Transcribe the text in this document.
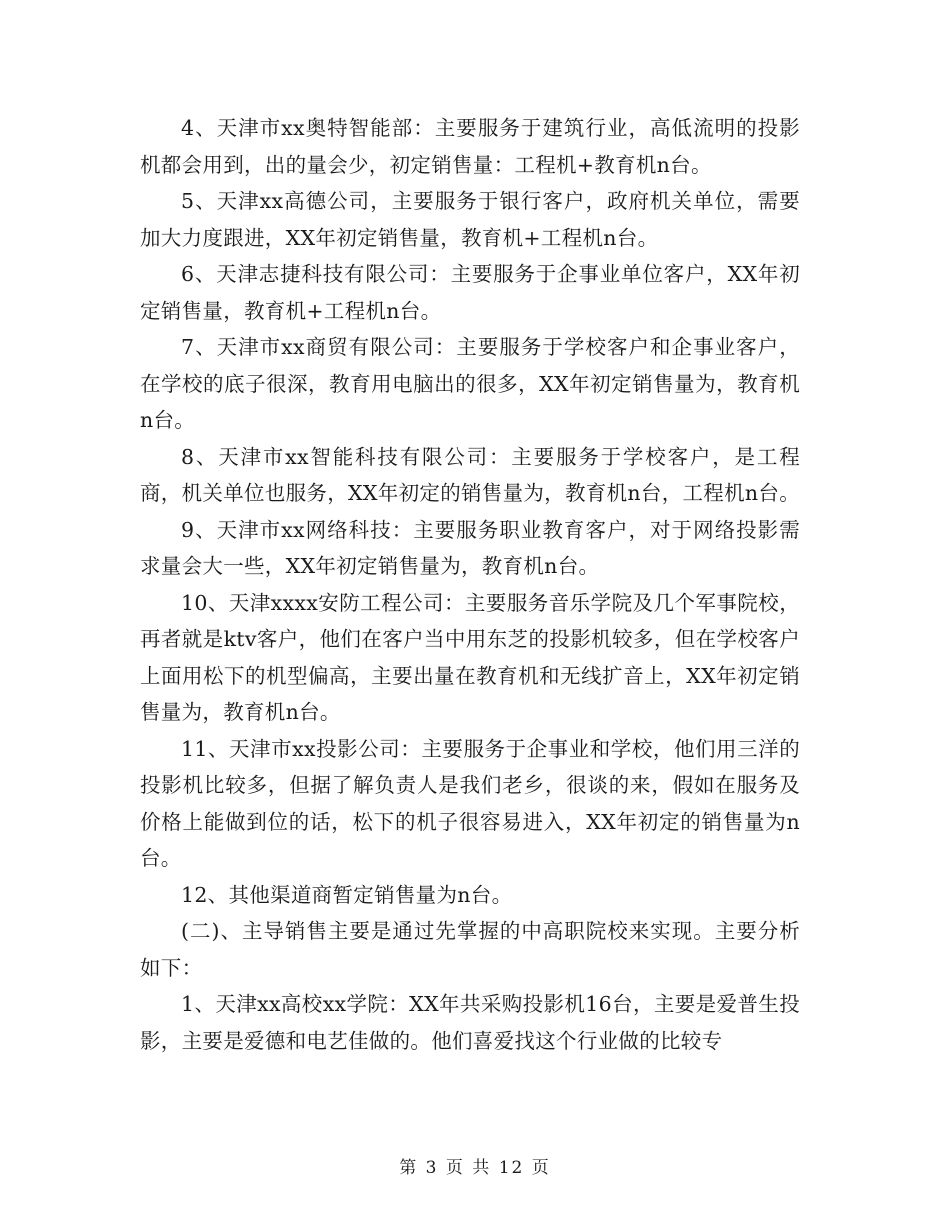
4、天津市xx奥特智能部：主要服务于建筑行业，高低流明的投影机都会用到，出的量会少，初定销售量：工程机+教育机n台。

5、天津xx高德公司，主要服务于银行客户，政府机关单位，需要加大力度跟进，XX年初定销售量，教育机+工程机n台。

6、天津志捷科技有限公司：主要服务于企事业单位客户，XX年初定销售量，教育机+工程机n台。

7、天津市xx商贸有限公司：主要服务于学校客户和企事业客户，在学校的底子很深，教育用电脑出的很多，XX年初定销售量为，教育机n台。

8、天津市xx智能科技有限公司：主要服务于学校客户，是工程商，机关单位也服务，XX年初定的销售量为，教育机n台，工程机n台。

9、天津市xx网络科技：主要服务职业教育客户，对于网络投影需求量会大一些，XX年初定销售量为，教育机n台。

10、天津xxxx安防工程公司：主要服务音乐学院及几个军事院校，再者就是ktv客户，他们在客户当中用东芝的投影机较多，但在学校客户上面用松下的机型偏高，主要出量在教育机和无线扩音上，XX年初定销售量为，教育机n台。

11、天津市xx投影公司：主要服务于企事业和学校，他们用三洋的投影机比较多，但据了解负责人是我们老乡，很谈的来，假如在服务及价格上能做到位的话，松下的机子很容易进入，XX年初定的销售量为n台。

12、其他渠道商暂定销售量为n台。

(二)、主导销售主要是通过先掌握的中高职院校来实现。主要分析如下：

1、天津xx高校xx学院：XX年共采购投影机16台，主要是爱普生投影，主要是爱德和电艺佳做的。他们喜爱找这个行业做的比较专

第 3 页 共 12 页
